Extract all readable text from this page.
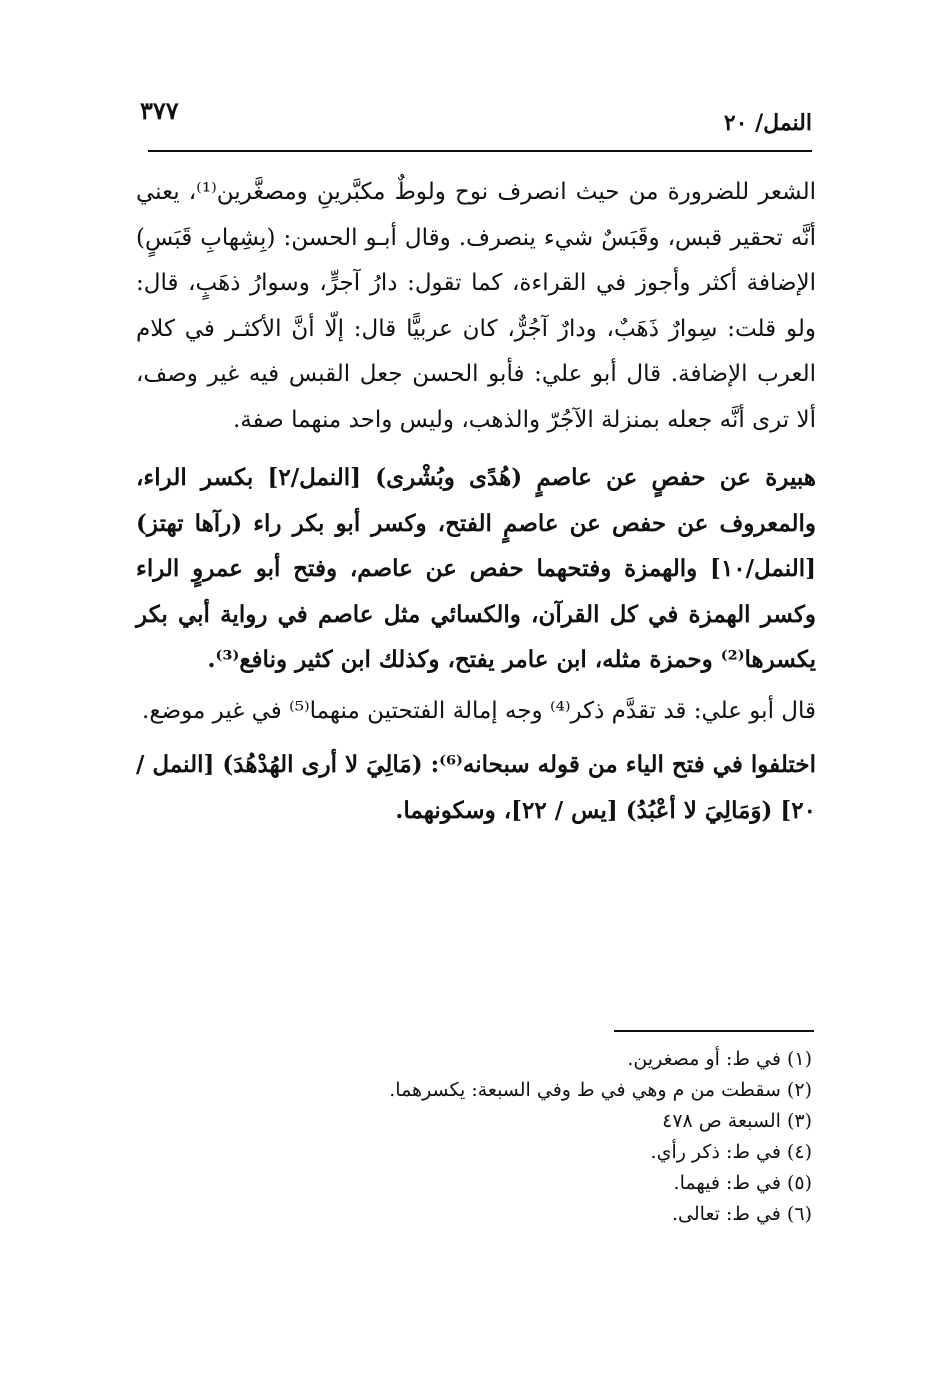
٣٧٧	النمل/ ٢٠

الشعر للضرورة من حيث انصرف نوح ولوطٌ مكبَّرينِ ومصغَّرين⁽¹⁾، يعني أنَّه تحقير قبس، وقَبَسٌ شيء ينصرف. وقال أبـو الحسن: (بِشِهابِ قَبَسٍ) الإضافة أكثر وأجوز في القراءة، كما تقول: دارُ آجرٍّ، وسوارُ ذهَبٍ، قال: ولو قلت: سِوارٌ ذَهَبٌ، ودارٌ آجُرٌّ، كان عربيًّا قال: إلّا أنَّ الأكثـر في كلام العرب الإضافة. قال أبو علي: فأبو الحسن جعل القبس فيه غير وصف، ألا ترى أنَّه جعله بمنزلة الآجُرّ والذهب، وليس واحد منهما صفة.

هبيرة عن حفصٍ عن عاصمٍ (هُدًى وبُشْرى) [النمل/٢] بكسر الراء، والمعروف عن حفص عن عاصمٍ الفتح، وكسر أبو بكر راء (رآها تهتز) [النمل/١٠] والهمزة وفتحهما حفص عن عاصم، وفتح أبو عمروٍ الراء وكسر الهمزة في كل القرآن، والكسائي مثل عاصم في رواية أبي بكر يكسرها⁽²⁾ وحمزة مثله، ابن عامر يفتح، وكذلك ابن كثير ونافع⁽³⁾.

قال أبو علي: قد تقدَّم ذكر⁽⁴⁾ وجه إمالة الفتحتين منهما⁽⁵⁾ في غير موضع.

اختلفوا في فتح الياء من قوله سبحانه⁽⁶⁾: (مَالِيَ لا أرى الهُدْهُدَ) [النمل / ٢٠] (وَمَالِيَ لا أعْبُدُ) [يس / ٢٢]، وسكونهما.

(١) في ط: أو مصغرين.

(٢) سقطت من م وهي في ط وفي السبعة: يكسرهما.

(٣) السبعة ص ٤٧٨

(٤) في ط: ذكر رأي.

(٥) في ط: فيهما.

(٦) في ط: تعالى.
